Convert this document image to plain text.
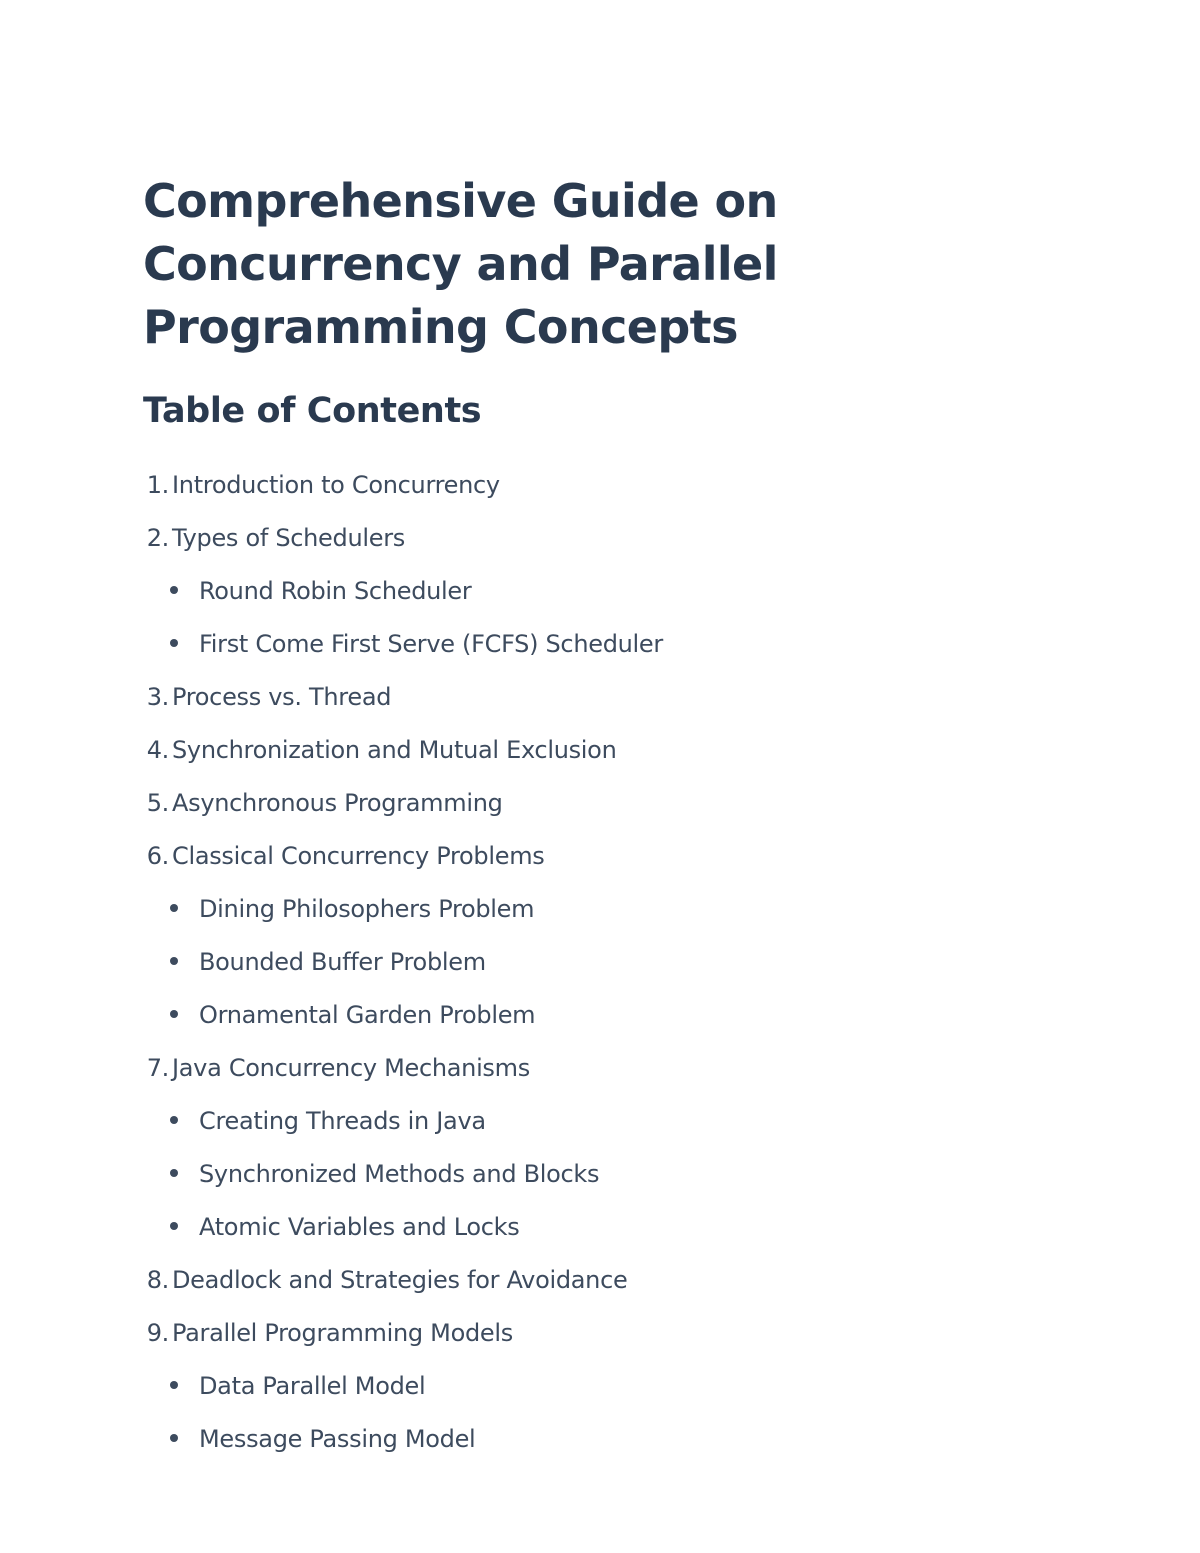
Comprehensive Guide on Concurrency and Parallel Programming Concepts
Table of Contents
1. Introduction to Concurrency
2. Types of Schedulers
Round Robin Scheduler
First Come First Serve (FCFS) Scheduler
3. Process vs. Thread
4. Synchronization and Mutual Exclusion
5. Asynchronous Programming
6. Classical Concurrency Problems
Dining Philosophers Problem
Bounded Buffer Problem
Ornamental Garden Problem
7. Java Concurrency Mechanisms
Creating Threads in Java
Synchronized Methods and Blocks
Atomic Variables and Locks
8. Deadlock and Strategies for Avoidance
9. Parallel Programming Models
Data Parallel Model
Message Passing Model
